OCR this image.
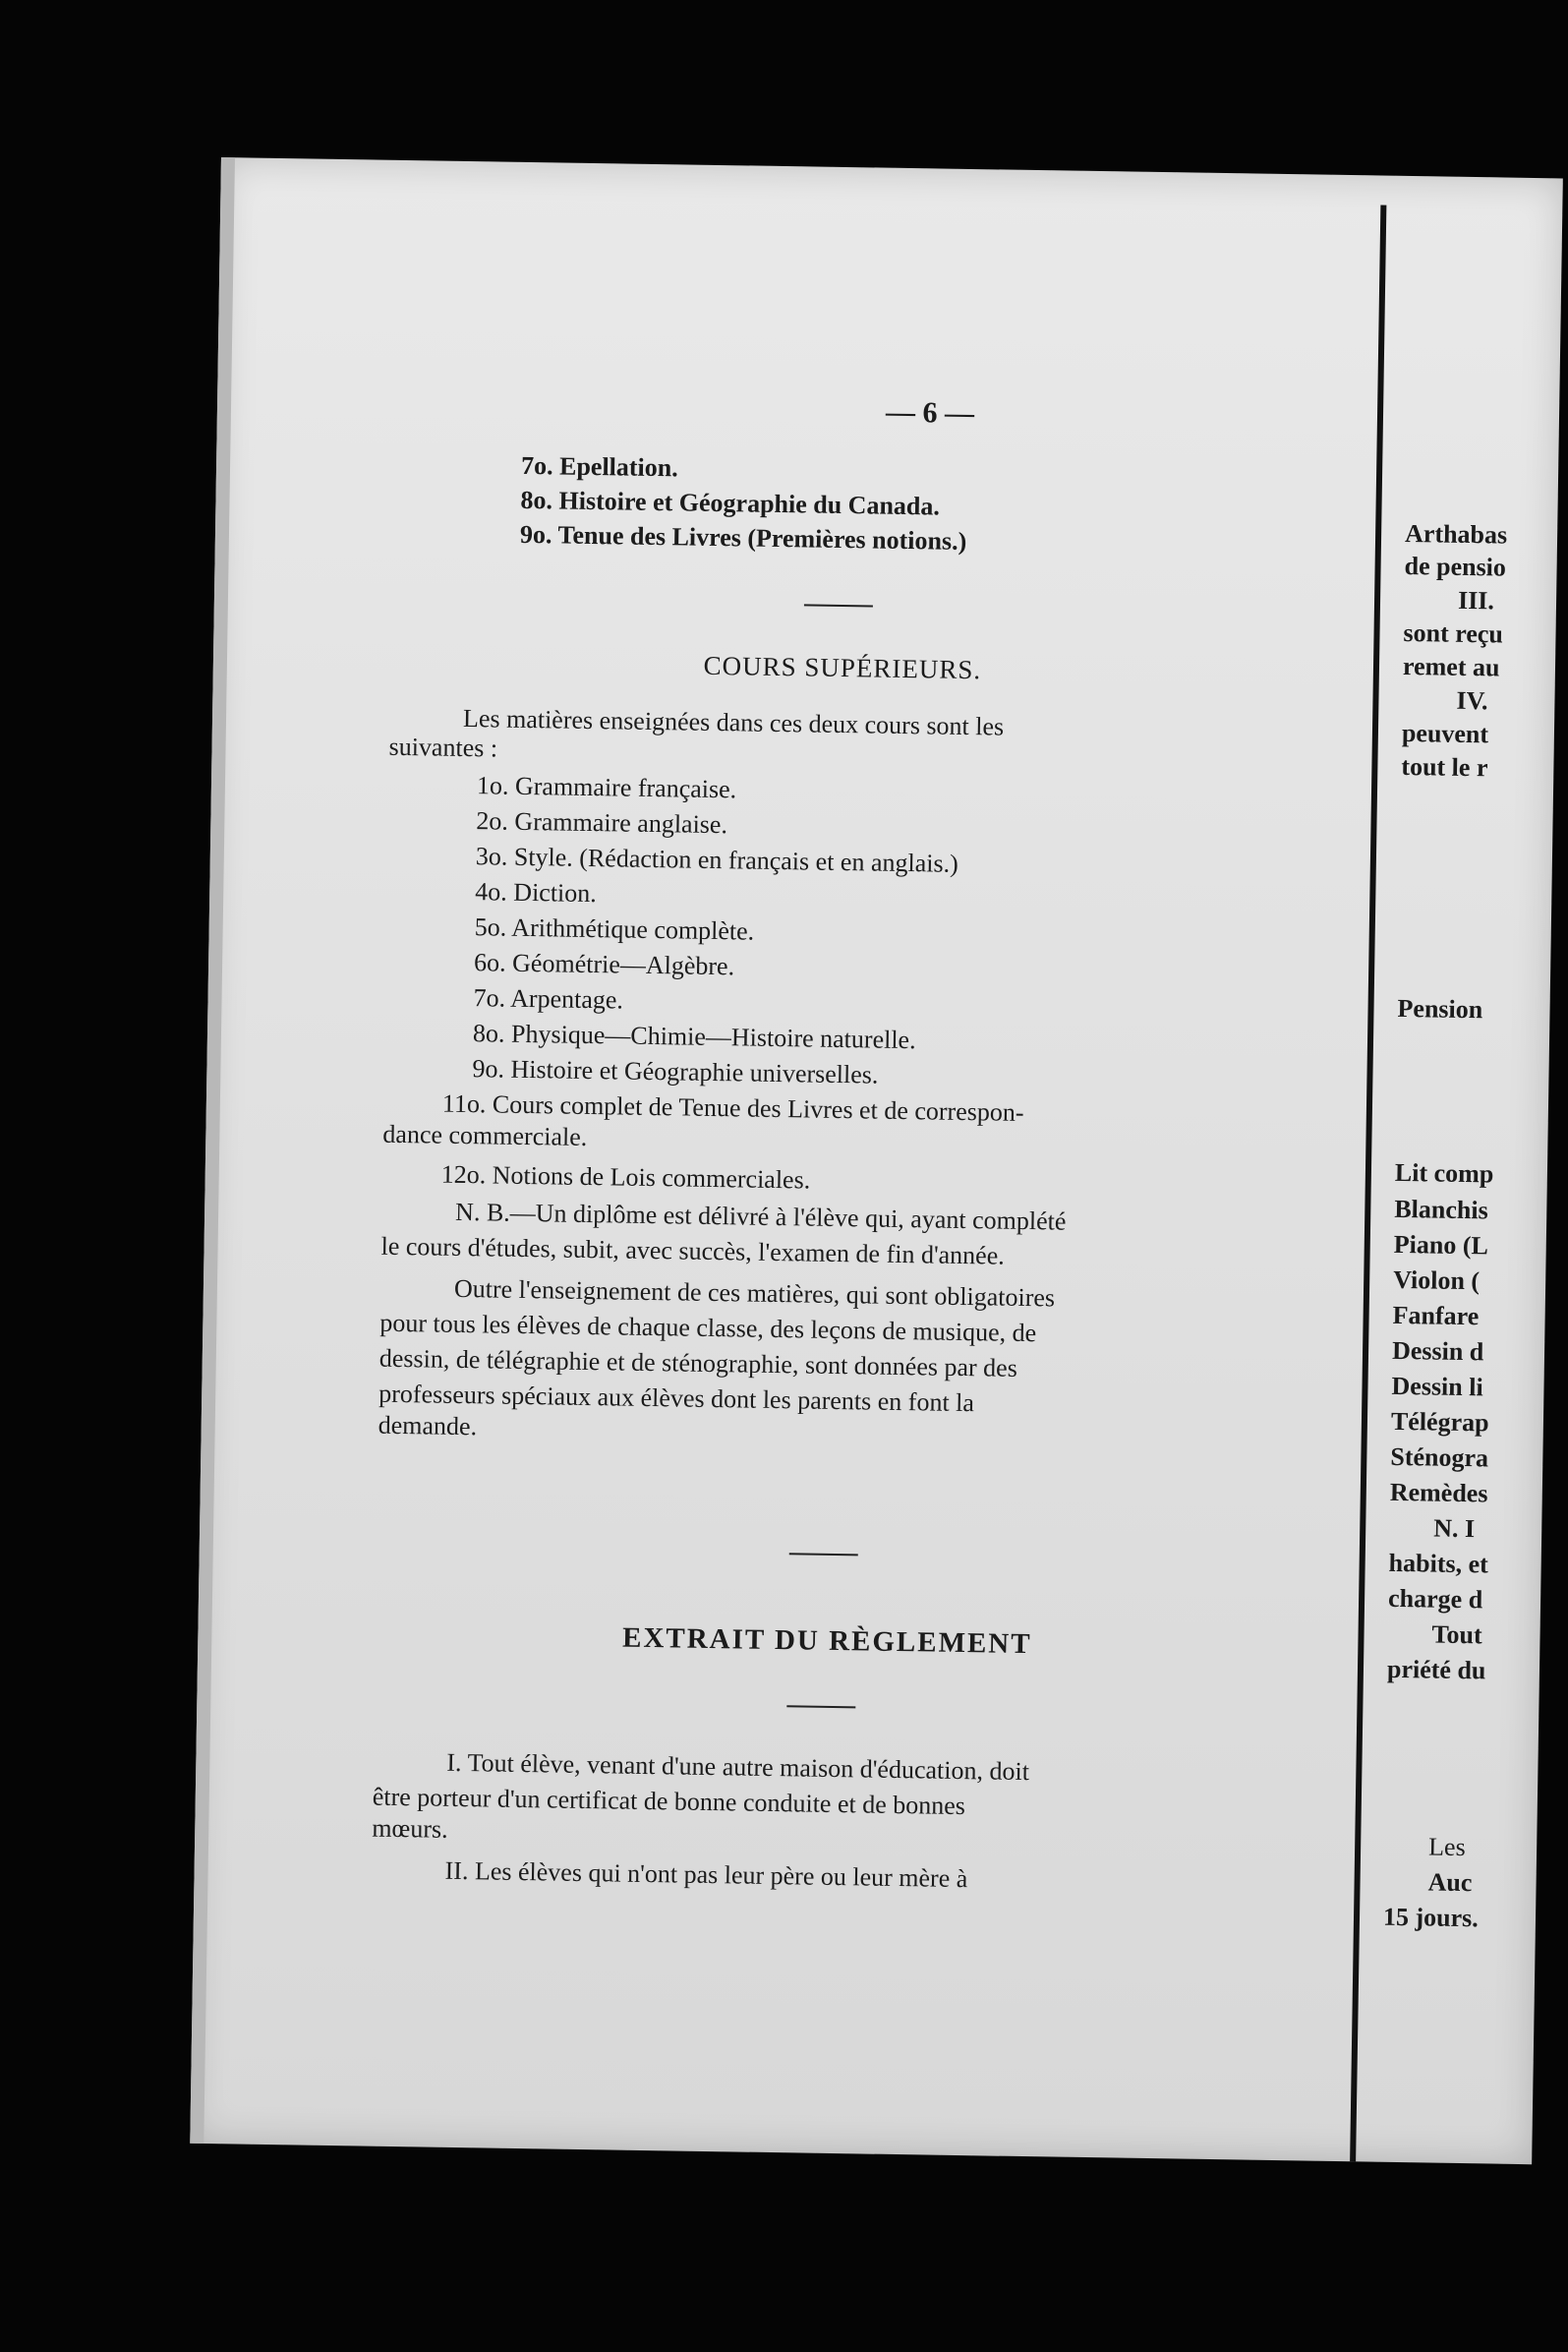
— 6 —
7o. Epellation.
8o. Histoire et Géographie du Canada.
9o. Tenue des Livres (Premières notions.)
COURS SUPÉRIEURS.
Les matières enseignées dans ces deux cours sont les
suivantes :
1o. Grammaire française.
2o. Grammaire anglaise.
3o. Style. (Rédaction en français et en anglais.)
4o. Diction.
5o. Arithmétique complète.
6o. Géométrie—Algèbre.
7o. Arpentage.
8o. Physique—Chimie—Histoire naturelle.
9o. Histoire et Géographie universelles.
11o. Cours complet de Tenue des Livres et de correspon-
dance commerciale.
12o. Notions de Lois commerciales.
N. B.—Un diplôme est délivré à l'élève qui, ayant complété
le cours d'études, subit, avec succès, l'examen de fin d'année.
Outre l'enseignement de ces matières, qui sont obligatoires
pour tous les élèves de chaque classe, des leçons de musique, de
dessin, de télégraphie et de sténographie, sont données par des
professeurs spéciaux aux élèves dont les parents en font la
demande.
EXTRAIT DU RÈGLEMENT
I. Tout élève, venant d'une autre maison d'éducation, doit
être porteur d'un certificat de bonne conduite et de bonnes
mœurs.
II. Les élèves qui n'ont pas leur père ou leur mère à
Arthabas
de pensio
III.
sont reçu
remet au
IV.
peuvent
tout le r
Pension
Lit comp
Blanchis
Piano (L
Violon (
Fanfare
Dessin d
Dessin li
Télégrap
Sténogra
Remèdes
N. I
habits, et
charge d
Tout
priété du
Les
Auc
15 jours.
